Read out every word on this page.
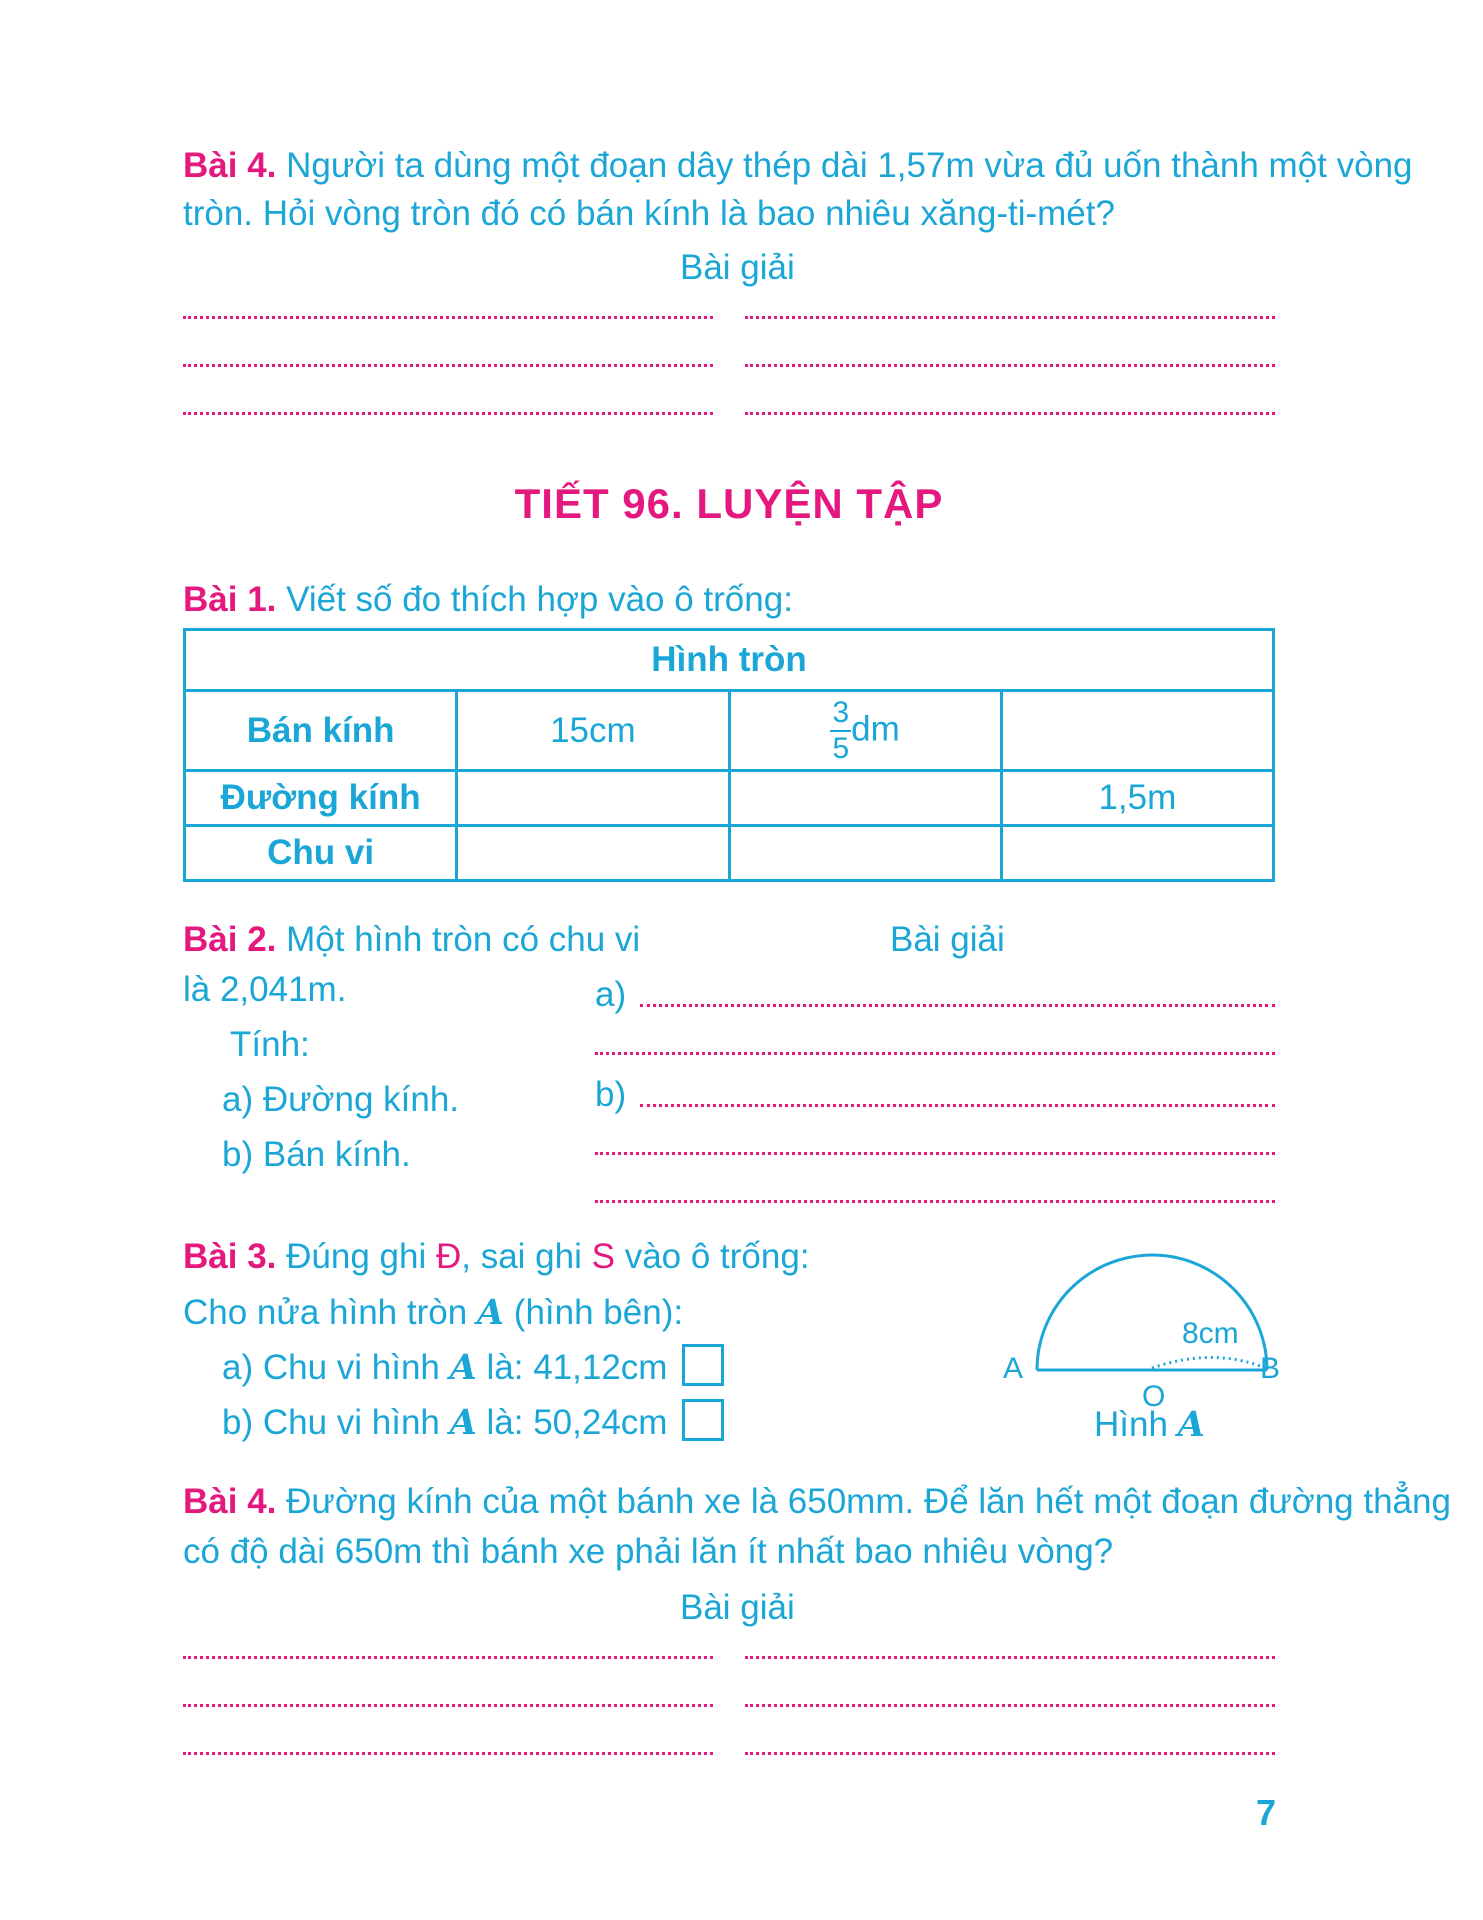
Bài 4. Người ta dùng một đoạn dây thép dài 1,57m vừa đủ uốn thành một vòng
tròn. Hỏi vòng tròn đó có bán kính là bao nhiêu xăng-ti-mét?
Bài giải
TIẾT 96. LUYỆN TẬP
Bài 1. Viết số đo thích hợp vào ô trống:
Hình tròn			
Bán kính	15cm	$\frac{3}{5}$ dm	
Đường kính			1,5m
Chu vi			
Bài 2. Một hình tròn có chu vi
là 2,041m.
Tính:
a) Đường kính.
b) Bán kính.
Bài giải
a)
b)
Bài 3. Đúng ghi Đ, sai ghi S vào ô trống:
Cho nửa hình tròn A (hình bên):
a) Chu vi hình A là: 41,12cm
b) Chu vi hình A là: 50,24cm
A	B
O
8cm
Hình A
Bài 4. Đường kính của một bánh xe là 650mm. Để lăn hết một đoạn đường thẳng
có độ dài 650m thì bánh xe phải lăn ít nhất bao nhiêu vòng?
Bài giải
7
